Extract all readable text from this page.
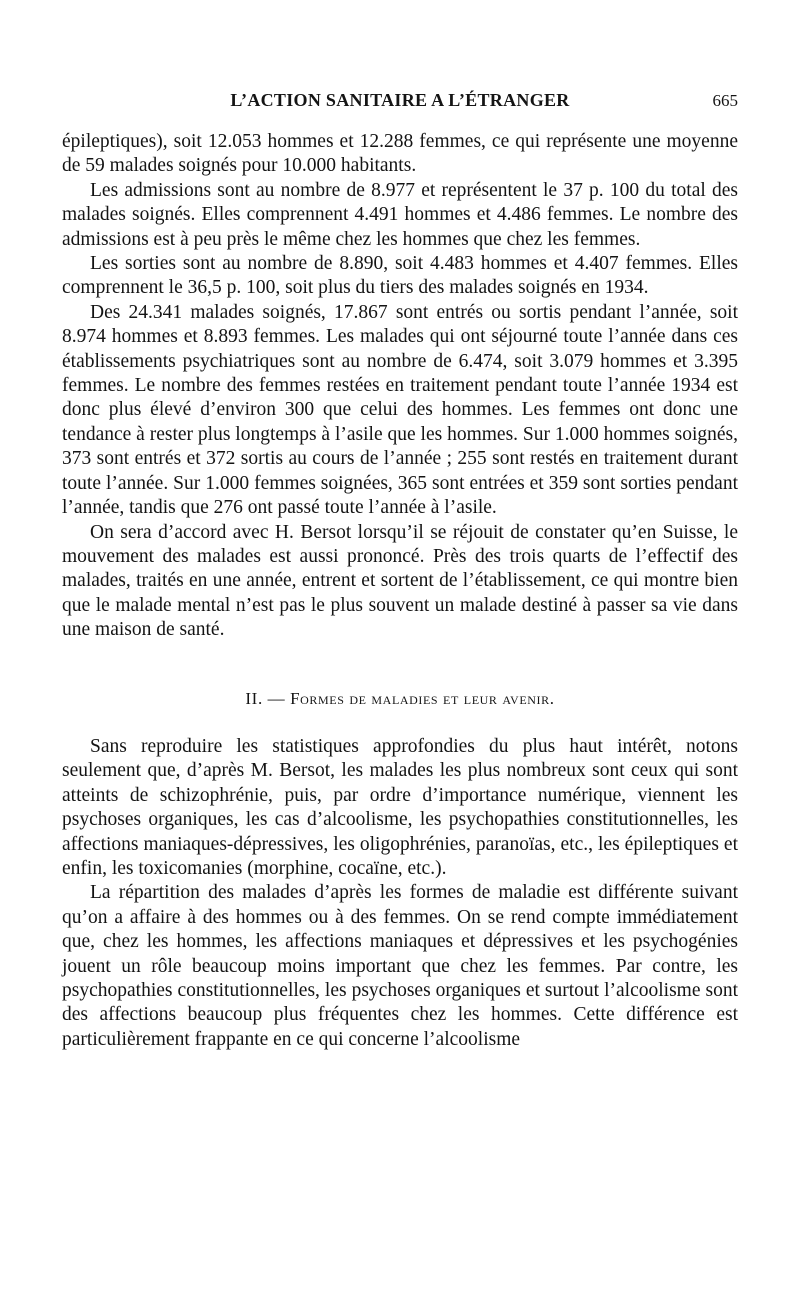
L’ACTION SANITAIRE A L’ÉTRANGER	665

épileptiques), soit 12.053 hommes et 12.288 femmes, ce qui représente une moyenne de 59 malades soignés pour 10.000 habitants.

Les admissions sont au nombre de 8.977 et représentent le 37 p. 100 du total des malades soignés. Elles comprennent 4.491 hommes et 4.486 femmes. Le nombre des admissions est à peu près le même chez les hommes que chez les femmes.

Les sorties sont au nombre de 8.890, soit 4.483 hommes et 4.407 femmes. Elles comprennent le 36,5 p. 100, soit plus du tiers des malades soignés en 1934.

Des 24.341 malades soignés, 17.867 sont entrés ou sortis pendant l’année, soit 8.974 hommes et 8.893 femmes. Les malades qui ont séjourné toute l’année dans ces établissements psychiatriques sont au nombre de 6.474, soit 3.079 hommes et 3.395 femmes. Le nombre des femmes restées en traitement pendant toute l’année 1934 est donc plus élevé d’environ 300 que celui des hommes. Les femmes ont donc une tendance à rester plus longtemps à l’asile que les hommes. Sur 1.000 hommes soignés, 373 sont entrés et 372 sortis au cours de l’année ; 255 sont restés en traitement durant toute l’année. Sur 1.000 femmes soignées, 365 sont entrées et 359 sont sorties pendant l’année, tandis que 276 ont passé toute l’année à l’asile.

On sera d’accord avec H. Bersot lorsqu’il se réjouit de constater qu’en Suisse, le mouvement des malades est aussi prononcé. Près des trois quarts de l’effectif des malades, traités en une année, entrent et sortent de l’établissement, ce qui montre bien que le malade mental n’est pas le plus souvent un malade destiné à passer sa vie dans une maison de santé.

II. — Formes de maladies et leur avenir.

Sans reproduire les statistiques approfondies du plus haut intérêt, notons seulement que, d’après M. Bersot, les malades les plus nombreux sont ceux qui sont atteints de schizophrénie, puis, par ordre d’importance numérique, viennent les psychoses organiques, les cas d’alcoolisme, les psychopathies constitutionnelles, les affections maniaques-dépressives, les oligophrénies, paranoïas, etc., les épileptiques et enfin, les toxicomanies (morphine, cocaïne, etc.).

La répartition des malades d’après les formes de maladie est différente suivant qu’on a affaire à des hommes ou à des femmes. On se rend compte immédiatement que, chez les hommes, les affections maniaques et dépressives et les psychogénies jouent un rôle beaucoup moins important que chez les femmes. Par contre, les psychopathies constitutionnelles, les psychoses organiques et surtout l’alcoolisme sont des affections beaucoup plus fréquentes chez les hommes. Cette différence est particulièrement frappante en ce qui concerne l’alcoolisme
